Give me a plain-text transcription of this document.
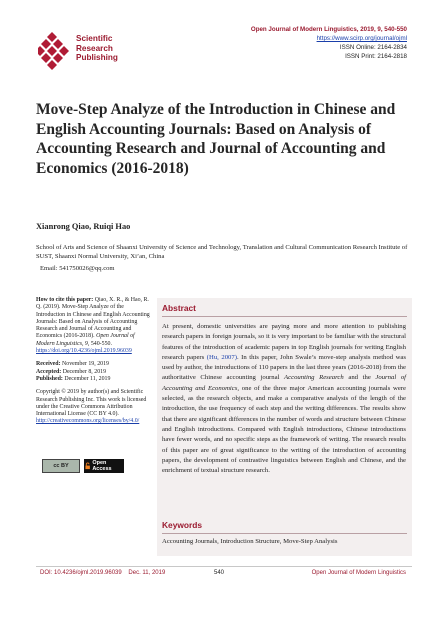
Scientific
Research
Publishing
Open Journal of Modern Linguistics, 2019, 9, 540-550
https://www.scirp.org/journal/ojml
ISSN Online: 2164-2834
ISSN Print: 2164-2818
Move-Step Analyze of the Introduction in Chinese and English Accounting Journals: Based on Analysis of Accounting Research and Journal of Accounting and Economics (2016-2018)
Xianrong Qiao, Ruiqi Hao
School of Arts and Science of Shaanxi University of Science and Technology, Translation and Cultural Communication Research Institute of SUST, Shaanxi Normal University, Xi’an, China
Email: 541750026@qq.com
How to cite this paper: Qiao, X. R., & Hao, R. Q. (2019). Move-Step Analyze of the Introduction in Chinese and English Accounting Journals: Based on Analysis of Accounting Research and Journal of Accounting and Economics (2016-2018). Open Journal of Modern Linguistics, 9, 540-550. https://doi.org/10.4236/ojml.2019.96039
Received: November 19, 2019
Accepted: December 8, 2019
Published: December 11, 2019
Copyright © 2019 by author(s) and Scientific Research Publishing Inc. This work is licensed under the Creative Commons Attribution International License (CC BY 4.0).
http://creativecommons.org/licenses/by/4.0/
cc BY	Open Access
Abstract
At present, domestic universities are paying more and more attention to publishing research papers in foreign journals, so it is very important to be familiar with the structural features of the introduction of academic papers in top English journals for writing English research papers (Hu, 2007). In this paper, John Swale’s move-step analysis method was used by author, the introductions of 110 papers in the last three years (2016-2018) from the authoritative Chinese accounting journal Accounting Research and the Journal of Accounting and Economics, one of the three major American accounting journals were selected, as the research objects, and make a comparative analysis of the length of the introduction, the use frequency of each step and the writing differences. The results show that there are significant differences in the number of words and structure between Chinese and English introductions. Compared with English introductions, Chinese introductions have fewer words, and no specific steps as the framework of writing. The research results of this paper are of great significance to the writing of the introduction of accounting papers, the development of contrastive linguistics between English and Chinese, and the enrichment of textual structure research.
Keywords
Accounting Journals, Introduction Structure, Move-Step Analysis
DOI: 10.4236/ojml.2019.96039 Dec. 11, 2019	540	Open Journal of Modern Linguistics
